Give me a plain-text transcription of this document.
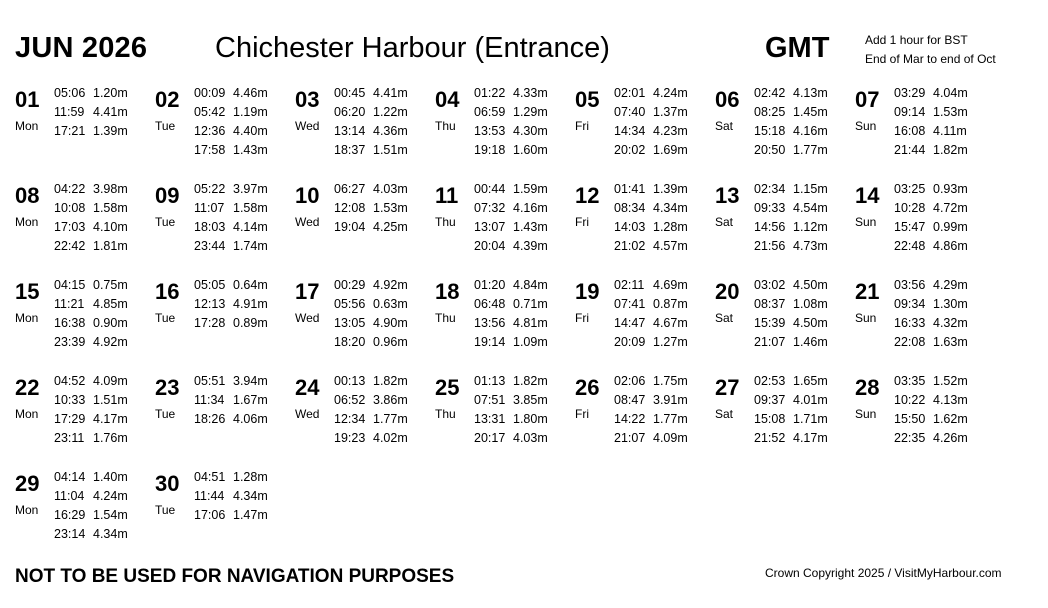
JUN 2026 Chichester Harbour (Entrance)	GMT	Add 1 hour for BST
End of Mar to end of Oct
01
Mon
05:06 1.20m
11:59 4.41m
17:21 1.39m
02
Tue
00:09 4.46m
05:42 1.19m
12:36 4.40m
17:58 1.43m
03
Wed
00:45 4.41m
06:20 1.22m
13:14 4.36m
18:37 1.51m
04
Thu
01:22 4.33m
06:59 1.29m
13:53 4.30m
19:18 1.60m
05
Fri
02:01 4.24m
07:40 1.37m
14:34 4.23m
20:02 1.69m
06
Sat
02:42 4.13m
08:25 1.45m
15:18 4.16m
20:50 1.77m
07
Sun
03:29 4.04m
09:14 1.53m
16:08 4.11m
21:44 1.82m
08
Mon
04:22 3.98m
10:08 1.58m
17:03 4.10m
22:42 1.81m
09
Tue
05:22 3.97m
11:07 1.58m
18:03 4.14m
23:44 1.74m
10
Wed
06:27 4.03m
12:08 1.53m
19:04 4.25m
11
Thu
00:44 1.59m
07:32 4.16m
13:07 1.43m
20:04 4.39m
12
Fri
01:41 1.39m
08:34 4.34m
14:03 1.28m
21:02 4.57m
13
Sat
02:34 1.15m
09:33 4.54m
14:56 1.12m
21:56 4.73m
14
Sun
03:25 0.93m
10:28 4.72m
15:47 0.99m
22:48 4.86m
15
Mon
04:15 0.75m
11:21 4.85m
16:38 0.90m
23:39 4.92m
16
Tue
05:05 0.64m
12:13 4.91m
17:28 0.89m
17
Wed
00:29 4.92m
05:56 0.63m
13:05 4.90m
18:20 0.96m
18
Thu
01:20 4.84m
06:48 0.71m
13:56 4.81m
19:14 1.09m
19
Fri
02:11 4.69m
07:41 0.87m
14:47 4.67m
20:09 1.27m
20
Sat
03:02 4.50m
08:37 1.08m
15:39 4.50m
21:07 1.46m
21
Sun
03:56 4.29m
09:34 1.30m
16:33 4.32m
22:08 1.63m
22
Mon
04:52 4.09m
10:33 1.51m
17:29 4.17m
23:11 1.76m
23
Tue
05:51 3.94m
11:34 1.67m
18:26 4.06m
24
Wed
00:13 1.82m
06:52 3.86m
12:34 1.77m
19:23 4.02m
25
Thu
01:13 1.82m
07:51 3.85m
13:31 1.80m
20:17 4.03m
26
Fri
02:06 1.75m
08:47 3.91m
14:22 1.77m
21:07 4.09m
27
Sat
02:53 1.65m
09:37 4.01m
15:08 1.71m
21:52 4.17m
28
Sun
03:35 1.52m
10:22 4.13m
15:50 1.62m
22:35 4.26m
29
Mon
04:14 1.40m
11:04 4.24m
16:29 1.54m
23:14 4.34m
30
Tue
04:51 1.28m
11:44 4.34m
17:06 1.47m
NOT TO BE USED FOR NAVIGATION PURPOSES	Crown Copyright 2025 / VisitMyHarbour.com
